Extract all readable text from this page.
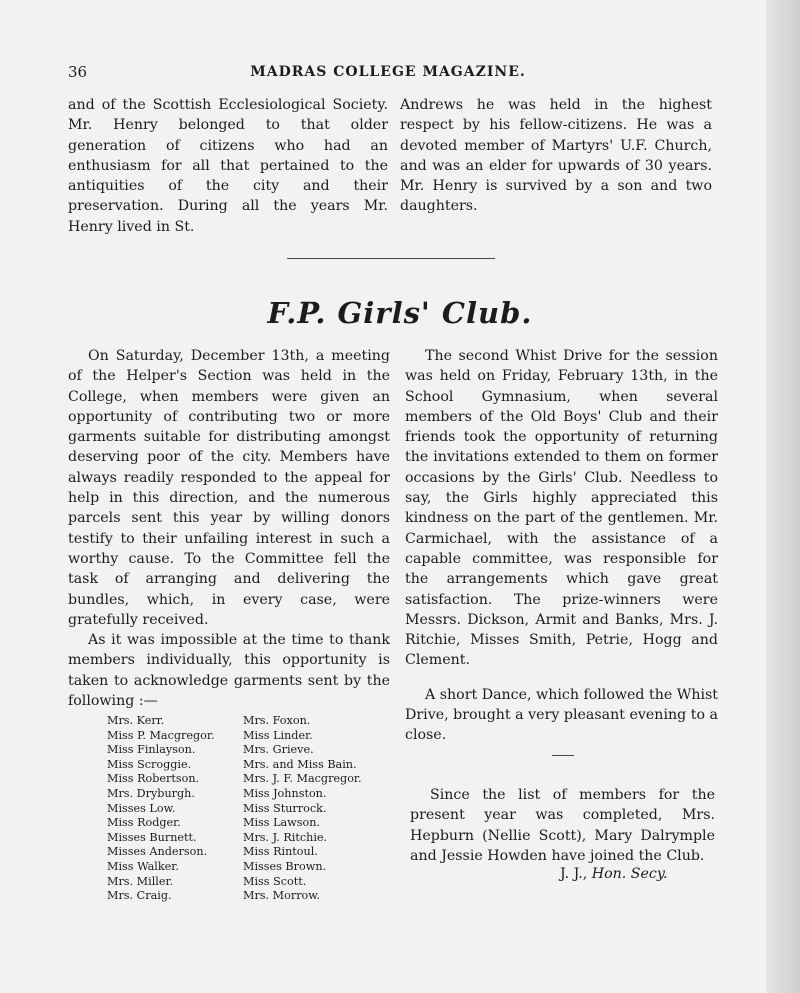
36	MADRAS COLLEGE MAGAZINE.

and of the Scottish Ecclesiological Society. Mr. Henry belonged to that older generation of citizens who had an enthusiasm for all that pertained to the antiquities of the city and their preservation. During all the years Mr. Henry lived in St.

Andrews he was held in the highest respect by his fellow-citizens. He was a devoted member of Martyrs' U.F. Church, and was an elder for upwards of 30 years. Mr. Henry is survived by a son and two daughters.

F.P. Girls' Club.

On Saturday, December 13th, a meeting of the Helper's Section was held in the College, when members were given an opportunity of contributing two or more garments suitable for distributing amongst deserving poor of the city. Members have always readily responded to the appeal for help in this direction, and the numerous parcels sent this year by willing donors testify to their unfailing interest in such a worthy cause. To the Committee fell the task of arranging and delivering the bundles, which, in every case, were gratefully received.

As it was impossible at the time to thank members individually, this opportunity is taken to acknowledge garments sent by the following :—

Mrs. Kerr.
Miss P. Macgregor.
Miss Finlayson.
Miss Scroggie.
Miss Robertson.
Mrs. Dryburgh.
Misses Low.
Miss Rodger.
Misses Burnett.
Misses Anderson.
Miss Walker.
Mrs. Miller.
Mrs. Craig.
Mrs. Foxon.
Miss Linder.
Mrs. Grieve.
Mrs. and Miss Bain.
Mrs. J. F. Macgregor.
Miss Johnston.
Miss Sturrock.
Miss Lawson.
Mrs. J. Ritchie.
Miss Rintoul.
Misses Brown.
Miss Scott.
Mrs. Morrow.

The second Whist Drive for the session was held on Friday, February 13th, in the School Gymnasium, when several members of the Old Boys' Club and their friends took the opportunity of returning the invitations extended to them on former occasions by the Girls' Club. Needless to say, the Girls highly appreciated this kindness on the part of the gentlemen. Mr. Carmichael, with the assistance of a capable committee, was responsible for the arrangements which gave great satisfaction. The prize-winners were Messrs. Dickson, Armit and Banks, Mrs. J. Ritchie, Misses Smith, Petrie, Hogg and Clement.

A short Dance, which followed the Whist Drive, brought a very pleasant evening to a close.

Since the list of members for the present year was completed, Mrs. Hepburn (Nellie Scott), Mary Dalrymple and Jessie Howden have joined the Club.

J. J., Hon. Secy.
